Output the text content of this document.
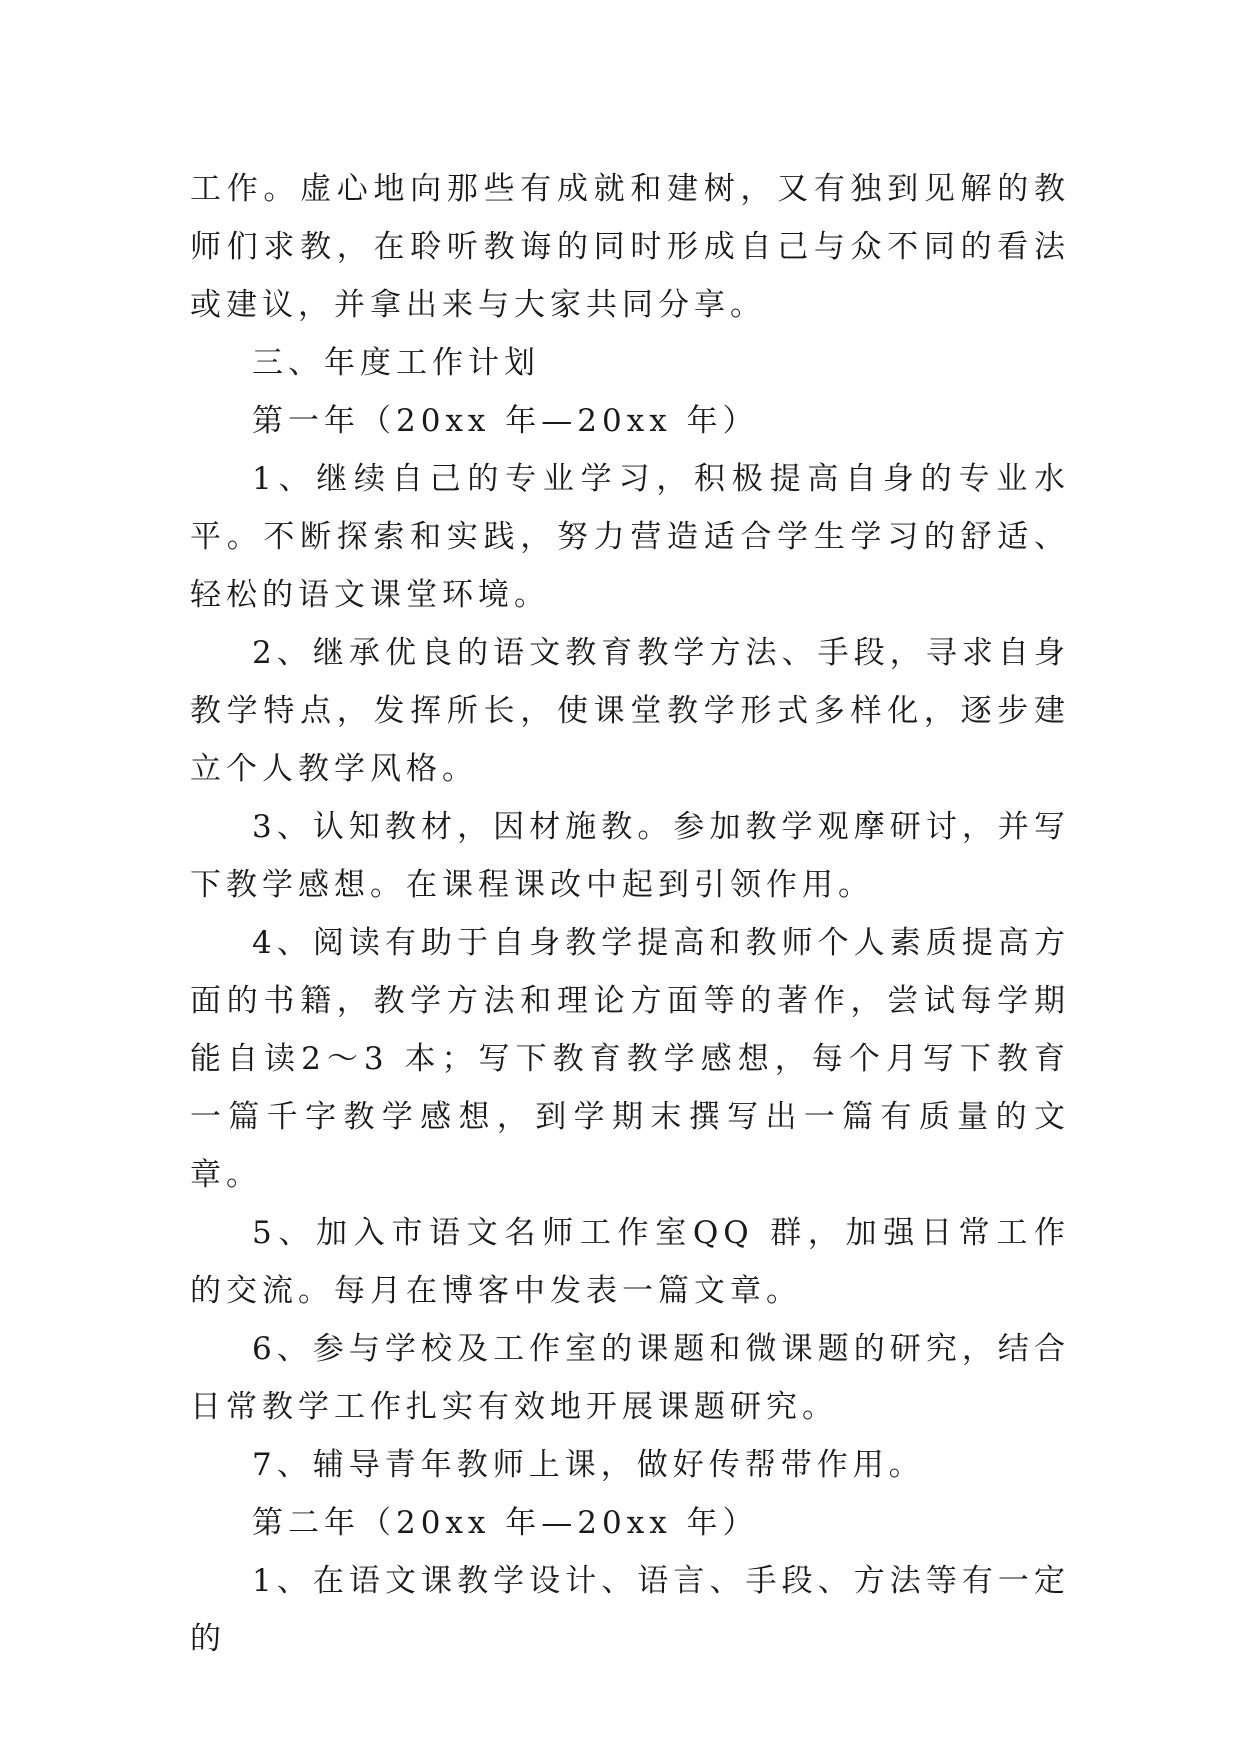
工作。虚心地向那些有成就和建树，又有独到见解的教师们求教，在聆听教诲的同时形成自己与众不同的看法或建议，并拿出来与大家共同分享。

三、年度工作计划

第一年（20xx 年—20xx 年）

1、继续自己的专业学习，积极提高自身的专业水平。不断探索和实践，努力营造适合学生学习的舒适、轻松的语文课堂环境。

2、继承优良的语文教育教学方法、手段，寻求自身教学特点，发挥所长，使课堂教学形式多样化，逐步建立个人教学风格。

3、认知教材，因材施教。参加教学观摩研讨，并写下教学感想。在课程课改中起到引领作用。

4、阅读有助于自身教学提高和教师个人素质提高方面的书籍，教学方法和理论方面等的著作，尝试每学期能自读2～3 本；写下教育教学感想，每个月写下教育一篇千字教学感想，到学期末撰写出一篇有质量的文章。

5、加入市语文名师工作室QQ 群，加强日常工作的交流。每月在博客中发表一篇文章。

6、参与学校及工作室的课题和微课题的研究，结合日常教学工作扎实有效地开展课题研究。

7、辅导青年教师上课，做好传帮带作用。

第二年（20xx 年—20xx 年）

1、在语文课教学设计、语言、手段、方法等有一定的
